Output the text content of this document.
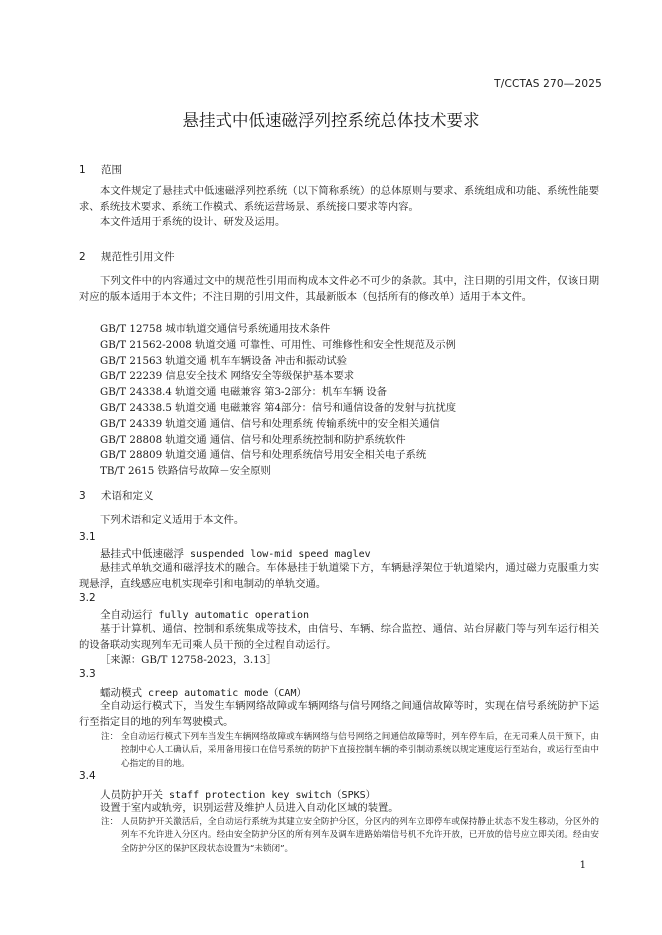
T/CCTAS 270—2025
悬挂式中低速磁浮列控系统总体技术要求
1 范围
本文件规定了悬挂式中低速磁浮列控系统（以下简称系统）的总体原则与要求、系统组成和功能、系统性能要求、系统技术要求、系统工作模式、系统运营场景、系统接口要求等内容。
本文件适用于系统的设计、研发及运用。
2 规范性引用文件
下列文件中的内容通过文中的规范性引用而构成本文件必不可少的条款。其中，注日期的引用文件，仅该日期对应的版本适用于本文件；不注日期的引用文件，其最新版本（包括所有的修改单）适用于本文件。
GB/T 12758 城市轨道交通信号系统通用技术条件
GB/T 21562-2008 轨道交通 可靠性、可用性、可维修性和安全性规范及示例
GB/T 21563 轨道交通 机车车辆设备 冲击和振动试验
GB/T 22239 信息安全技术 网络安全等级保护基本要求
GB/T 24338.4 轨道交通 电磁兼容 第3-2部分：机车车辆 设备
GB/T 24338.5 轨道交通 电磁兼容 第4部分：信号和通信设备的发射与抗扰度
GB/T 24339 轨道交通 通信、信号和处理系统 传输系统中的安全相关通信
GB/T 28808 轨道交通 通信、信号和处理系统控制和防护系统软件
GB/T 28809 轨道交通 通信、信号和处理系统信号用安全相关电子系统
TB/T 2615 铁路信号故障－安全原则
3 术语和定义
下列术语和定义适用于本文件。
3.1
悬挂式中低速磁浮 suspended low-mid speed maglev
悬挂式单轨交通和磁浮技术的融合。车体悬挂于轨道梁下方，车辆悬浮架位于轨道梁内，通过磁力克服重力实现悬浮，直线感应电机实现牵引和电制动的单轨交通。
3.2
全自动运行 fully automatic operation
基于计算机、通信、控制和系统集成等技术，由信号、车辆、综合监控、通信、站台屏蔽门等与列车运行相关的设备联动实现列车无司乘人员干预的全过程自动运行。
［来源：GB/T 12758-2023，3.13］
3.3
蠕动模式 creep automatic mode（CAM）
全自动运行模式下，当发生车辆网络故障或车辆网络与信号网络之间通信故障等时，实现在信号系统防护下运行至指定目的地的列车驾驶模式。
注： 全自动运行模式下列车当发生车辆网络故障或车辆网络与信号网络之间通信故障等时，列车停车后，在无司乘人员干预下，由控制中心人工确认后，采用备用接口在信号系统的防护下直接控制车辆的牵引制动系统以规定速度运行至站台，或运行至由中心指定的目的地。
3.4
人员防护开关 staff protection key switch（SPKS）
设置于室内或轨旁，识别运营及维护人员进入自动化区域的装置。
注： 人员防护开关激活后，全自动运行系统为其建立安全防护分区，分区内的列车立即停车或保持静止状态不发生移动，分区外的列车不允许进入分区内。经由安全防护分区的所有列车及调车进路始端信号机不允许开放，已开放的信号应立即关闭。经由安全防护分区的保护区段状态设置为“未锁闭”。
1
